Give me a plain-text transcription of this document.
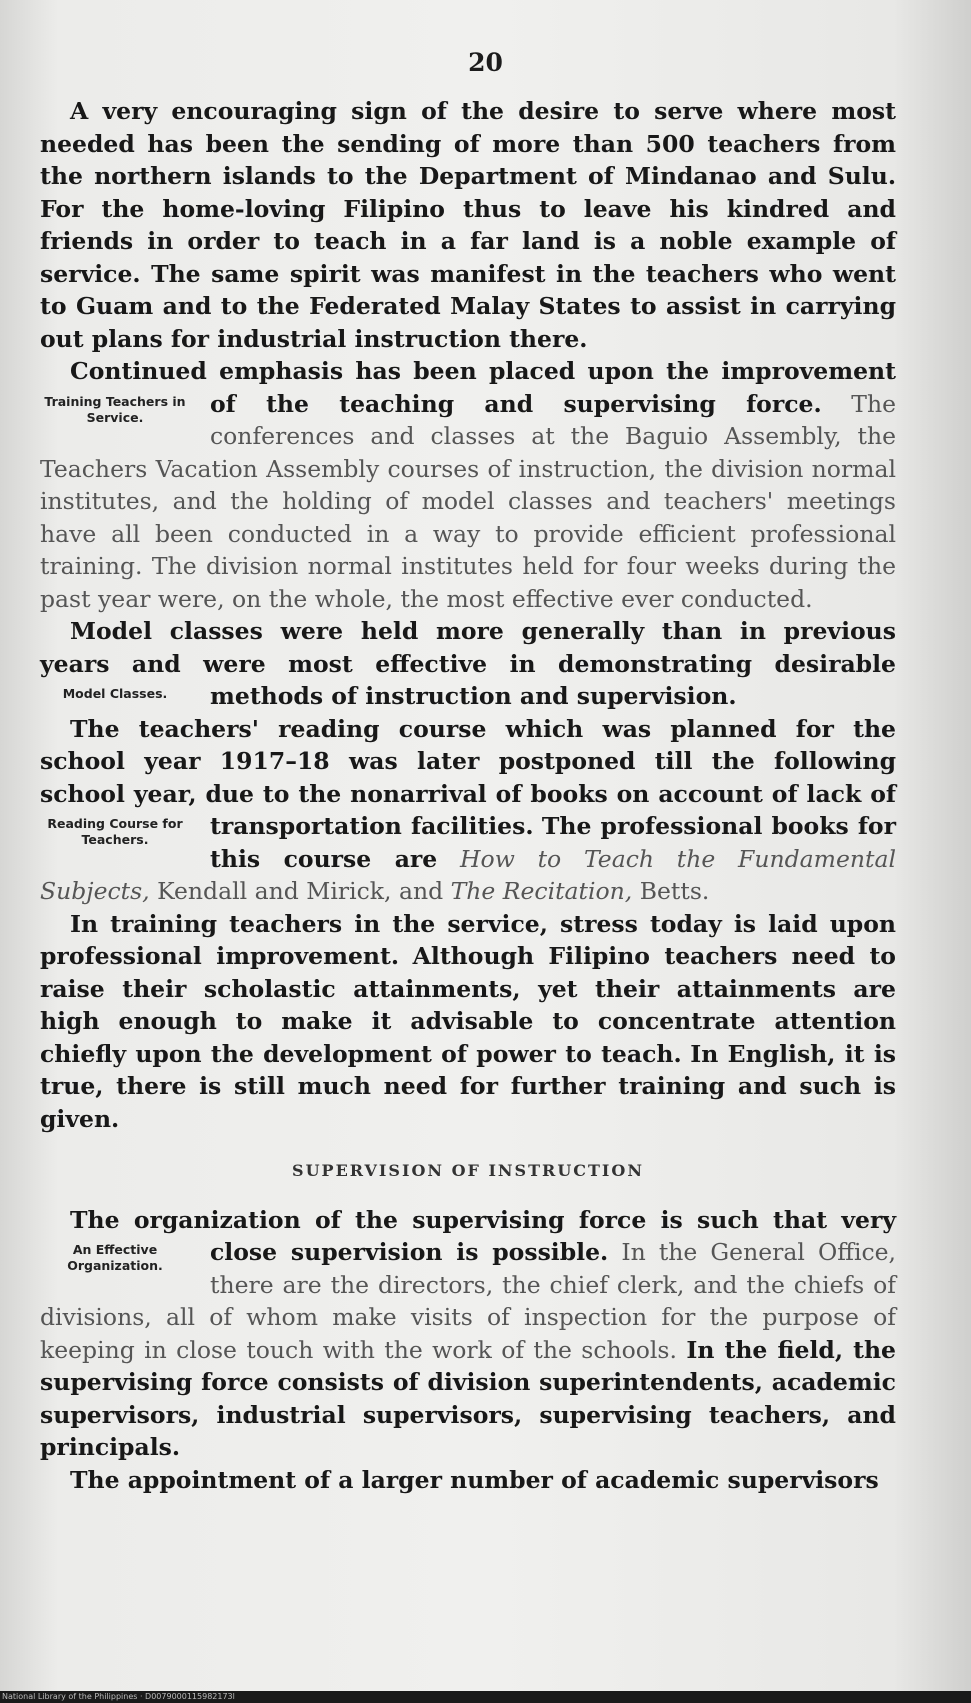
20

A very encouraging sign of the desire to serve where most needed has been the sending of more than 500 teachers from the northern islands to the Department of Mindanao and Sulu. For the home-loving Filipino thus to leave his kindred and friends in order to teach in a far land is a noble example of service. The same spirit was manifest in the teachers who went to Guam and to the Federated Malay States to assist in carrying out plans for industrial instruction there.

Continued emphasis has been placed upon the improvement of the teaching and supervising force.
Training Teachers in Service.	The conferences and classes at the Baguio Assembly, the Teachers Vacation Assembly courses of instruction, the division normal institutes, and the holding of model classes and teachers' meetings have all been conducted in a way to provide efficient professional training. The division normal institutes held for four weeks during the past year were, on the whole, the most effective ever conducted.

Model classes were held more generally than in previous years and were most effective in demonstrating desirable methods of instruction and supervision.
Model Classes.

The teachers' reading course which was planned for the school year 1917–18 was later postponed till the following school year, due to the nonarrival of books on account of lack of transportation facilities.
Reading Course for Teachers.	The professional books for this course are How to Teach the Fundamental Subjects, Kendall and Mirick, and The Recitation, Betts.

In training teachers in the service, stress today is laid upon professional improvement. Although Filipino teachers need to raise their scholastic attainments, yet their attainments are high enough to make it advisable to concentrate attention chiefly upon the development of power to teach. In English, it is true, there is still much need for further training and such is given.

SUPERVISION OF INSTRUCTION

The organization of the supervising force is such that very close supervision is possible.
An Effective Organization.	In the General Office, there are the directors, the chief clerk, and the chiefs of divisions, all of whom make visits of inspection for the purpose of keeping in close touch with the work of the schools. In the field, the supervising force consists of division superintendents, academic supervisors, industrial supervisors, supervising teachers, and principals.

The appointment of a larger number of academic supervisors

National Library of the Philippines · D0079000115982173l
